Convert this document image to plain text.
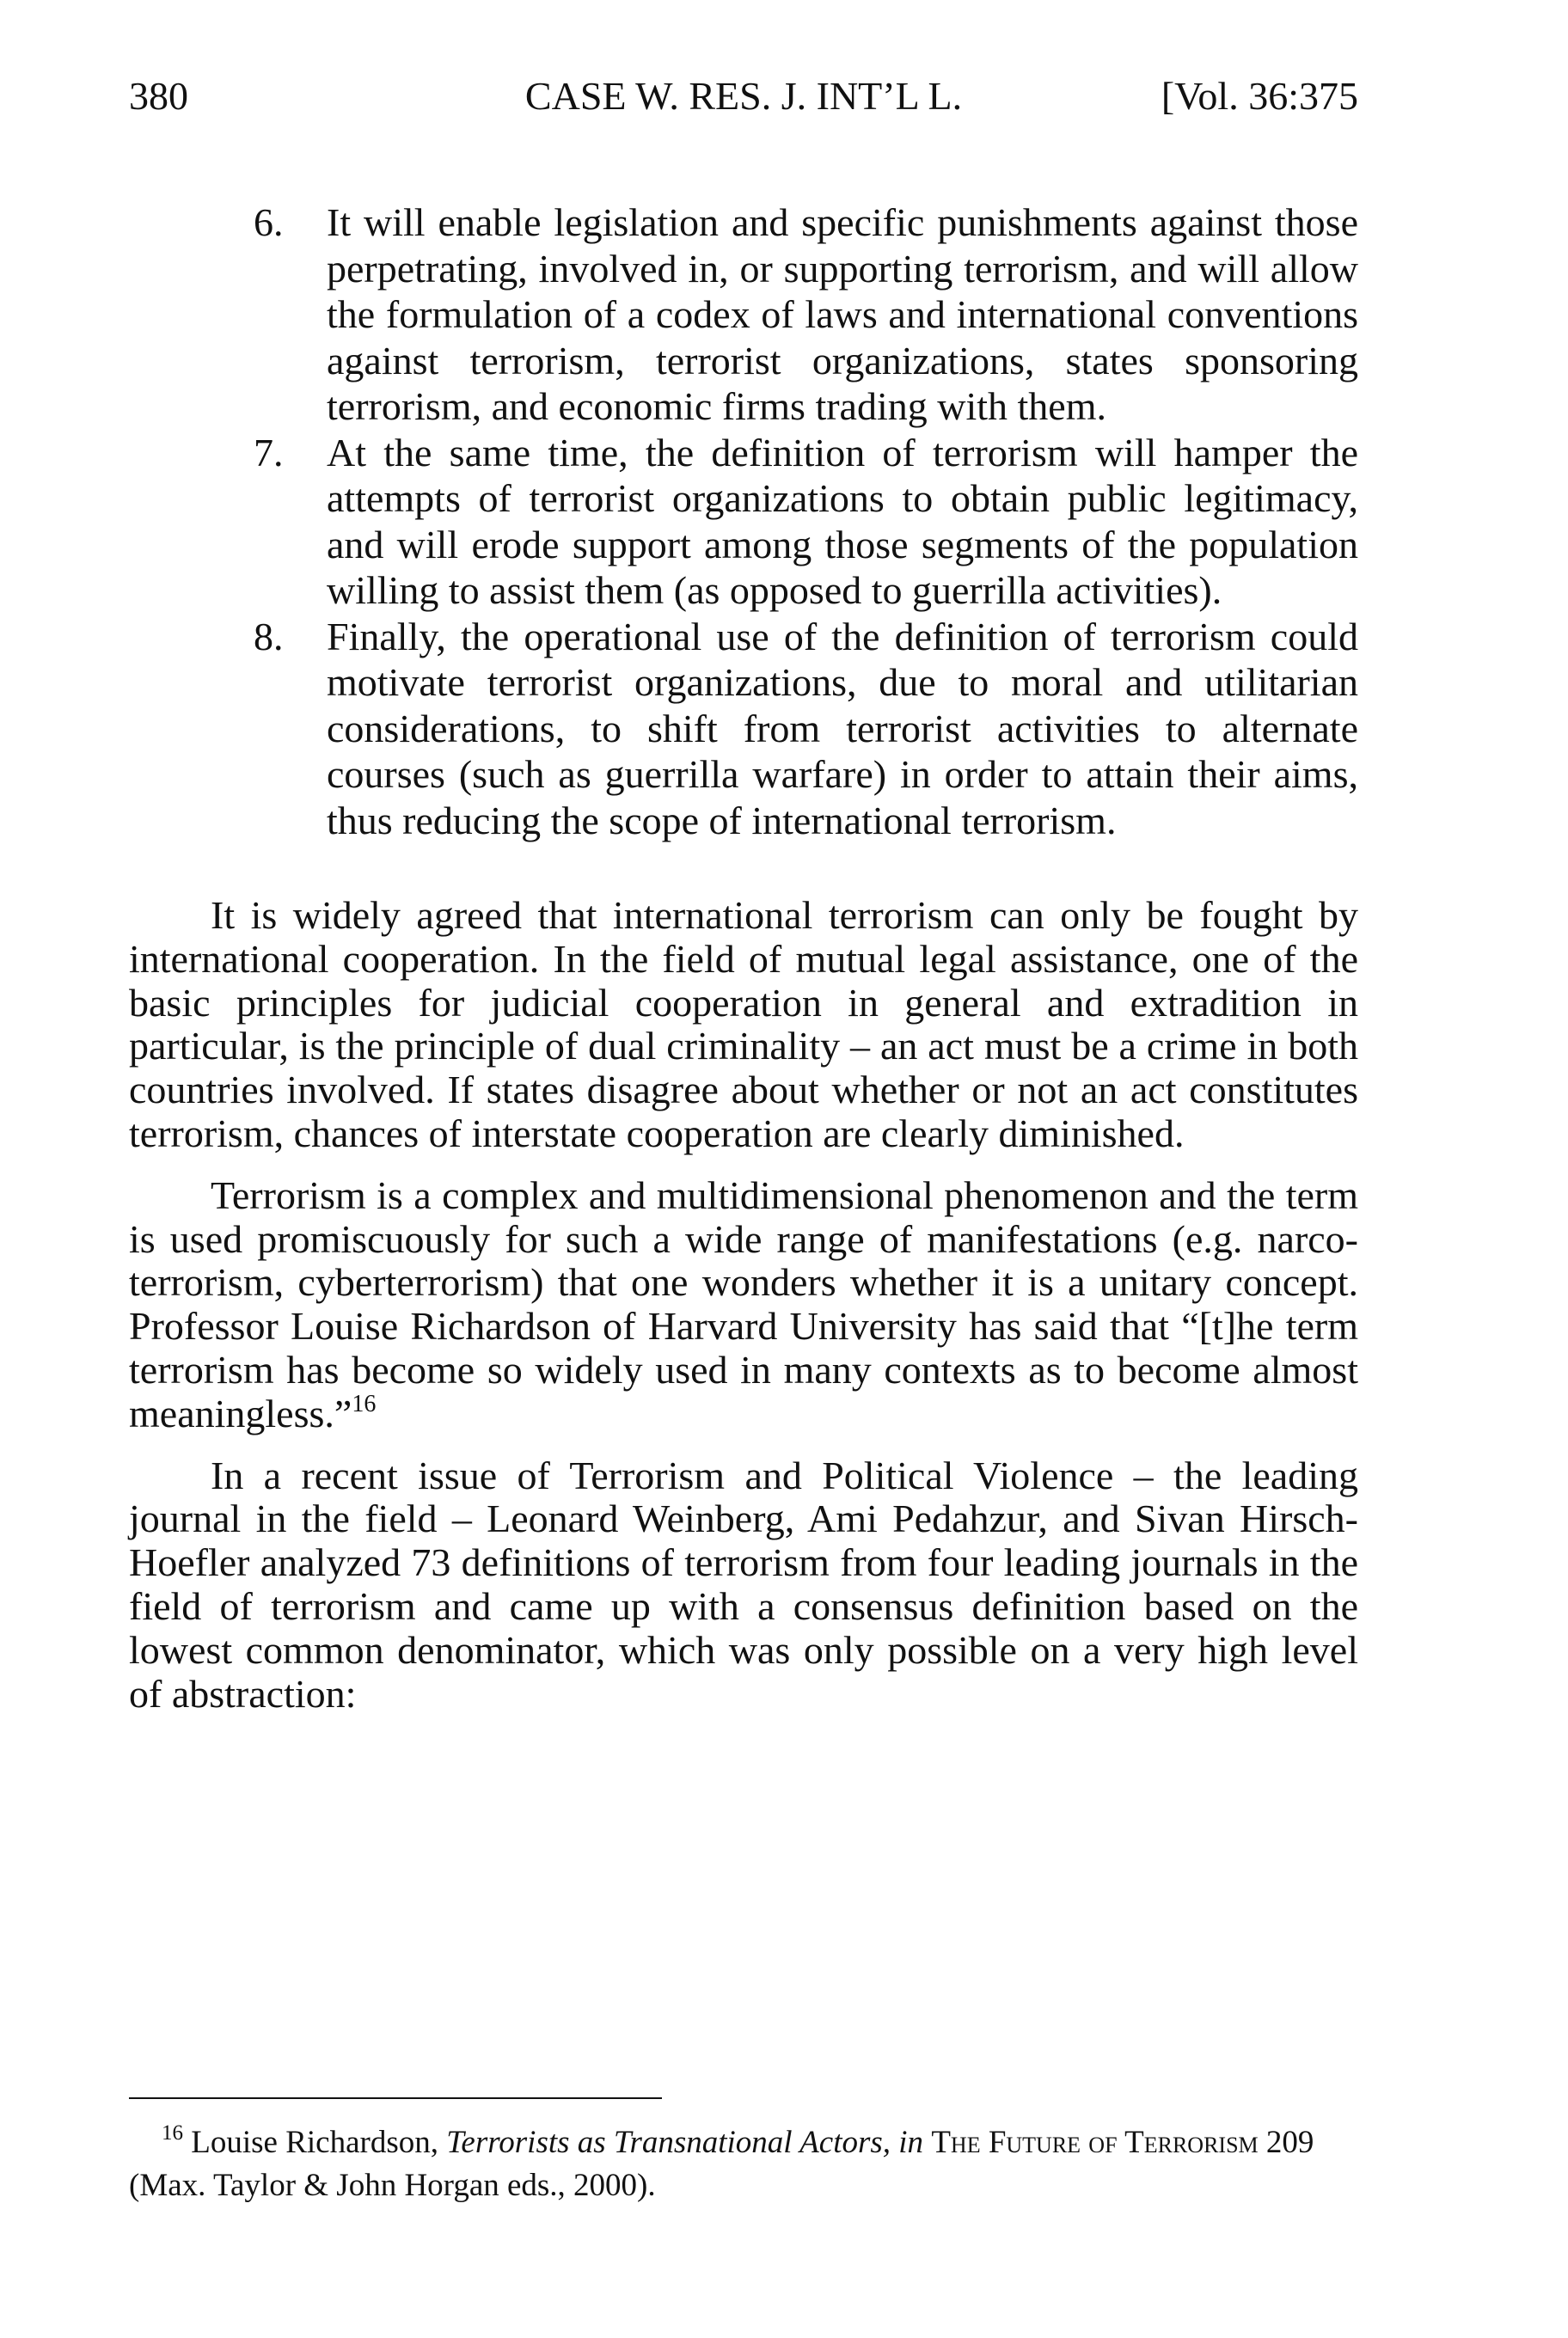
380	CASE W. RES. J. INT’L L.	[Vol. 36:375
6. It will enable legislation and specific punishments against those perpetrating, involved in, or supporting terrorism, and will allow the formulation of a codex of laws and international conventions against terrorism, terrorist organizations, states sponsoring terrorism, and economic firms trading with them.
7. At the same time, the definition of terrorism will hamper the attempts of terrorist organizations to obtain public legitimacy, and will erode support among those segments of the population willing to assist them (as opposed to guerrilla activities).
8. Finally, the operational use of the definition of terrorism could motivate terrorist organizations, due to moral and utilitarian considerations, to shift from terrorist activities to alternate courses (such as guerrilla warfare) in order to attain their aims, thus reducing the scope of international terrorism.

It is widely agreed that international terrorism can only be fought by international cooperation. In the field of mutual legal assistance, one of the basic principles for judicial cooperation in general and extradition in particular, is the principle of dual criminality – an act must be a crime in both countries involved. If states disagree about whether or not an act constitutes terrorism, chances of interstate cooperation are clearly diminished.

Terrorism is a complex and multidimensional phenomenon and the term is used promiscuously for such a wide range of manifestations (e.g. narco-terrorism, cyberterrorism) that one wonders whether it is a unitary concept. Professor Louise Richardson of Harvard University has said that “[t]he term terrorism has become so widely used in many contexts as to become almost meaningless.”$^{16}$

In a recent issue of Terrorism and Political Violence – the leading journal in the field – Leonard Weinberg, Ami Pedahzur, and Sivan Hirsch-Hoefler analyzed 73 definitions of terrorism from four leading journals in the field of terrorism and came up with a consensus definition based on the lowest common denominator, which was only possible on a very high level of abstraction:

$^{16}$ Louise Richardson, Terrorists as Transnational Actors, in The Future of Terrorism 209 (Max. Taylor & John Horgan eds., 2000).
